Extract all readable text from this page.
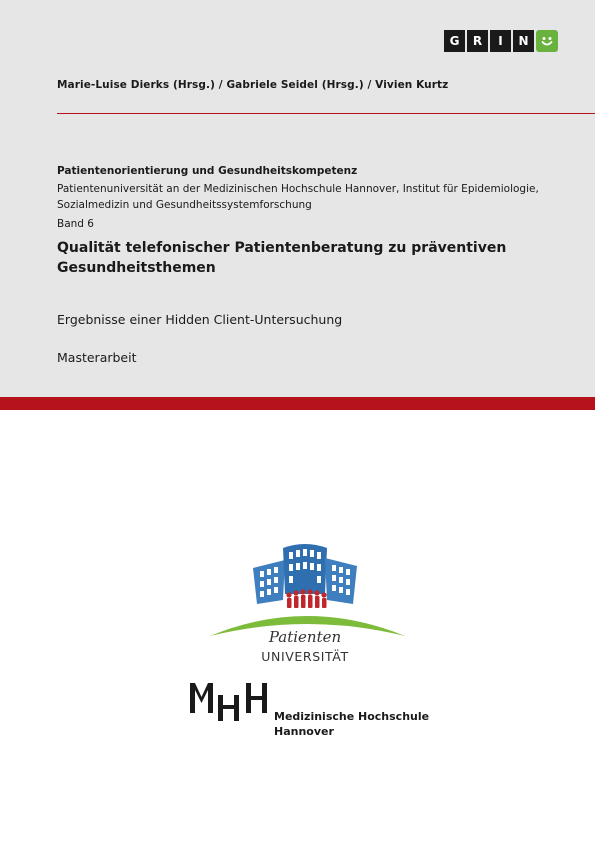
G	R	I	N
Marie-Luise Dierks (Hrsg.) / Gabriele Seidel (Hrsg.) / Vivien Kurtz
Patientenorientierung und Gesundheitskompetenz
Patientenuniversität an der Medizinischen Hochschule Hannover, Institut für Epidemiologie, Sozialmedizin und Gesundheitssystemforschung
Band 6
Qualität telefonischer Patientenberatung zu präventiven Gesundheitsthemen
Ergebnisse einer Hidden Client-Untersuchung
Masterarbeit
Patienten
UNIVERSITÄT
Medizinische Hochschule
Hannover
